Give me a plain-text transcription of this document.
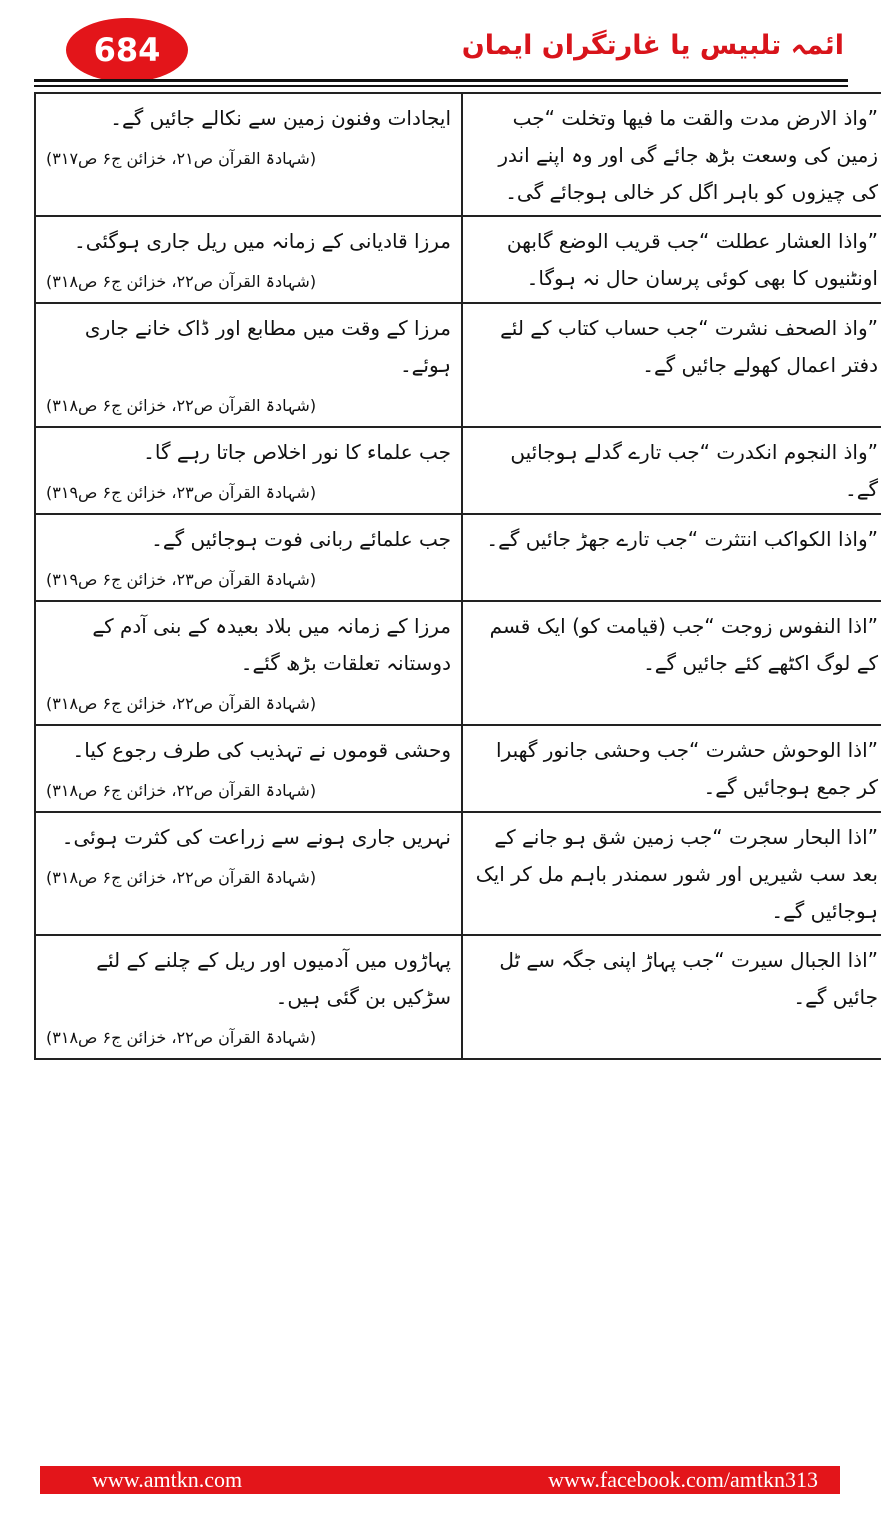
684	ائمہ تلبیس یا غارتگران ایمان
”واذ الارض مدت والقت ما فیھا وتخلت “جب زمین کی وسعت بڑھ جائے گی اور وہ اپنے اندر کی چیزوں کو باہر اگل کر خالی ہوجائے گی۔	ایجادات وفنون زمین سے نکالے جائیں گے۔
(شہادۃ القرآن ص۲۱، خزائن ج۶ ص۳۱۷)

”واذا العشار عطلت “جب قریب الوضع گابھن اونٹنیوں کا بھی کوئی پرسان حال نہ ہوگا۔	مرزا قادیانی کے زمانہ میں ریل جاری ہوگئی۔
(شہادۃ القرآن ص۲۲، خزائن ج۶ ص۳۱۸)

”واذ الصحف نشرت “جب حساب کتاب کے لئے دفتر اعمال کھولے جائیں گے۔	مرزا کے وقت میں مطابع اور ڈاک خانے جاری ہوئے۔
(شہادۃ القرآن ص۲۲، خزائن ج۶ ص۳۱۸)

”واذ النجوم انکدرت “جب تارے گدلے ہوجائیں گے۔	جب علماء کا نور اخلاص جاتا رہے گا۔
(شہادۃ القرآن ص۲۳، خزائن ج۶ ص۳۱۹)

”واذا الکواکب انتثرت “جب تارے جھڑ جائیں گے۔	جب علمائے ربانی فوت ہوجائیں گے۔
(شہادۃ القرآن ص۲۳، خزائن ج۶ ص۳۱۹)

”اذا النفوس زوجت “جب (قیامت کو) ایک قسم کے لوگ اکٹھے کئے جائیں گے۔	مرزا کے زمانہ میں بلاد بعیدہ کے بنی آدم کے دوستانہ تعلقات بڑھ گئے۔
(شہادۃ القرآن ص۲۲، خزائن ج۶ ص۳۱۸)

”اذا الوحوش حشرت “جب وحشی جانور گھبرا کر جمع ہوجائیں گے۔	وحشی قوموں نے تہذیب کی طرف رجوع کیا۔
(شہادۃ القرآن ص۲۲، خزائن ج۶ ص۳۱۸)

”اذا البحار سجرت “جب زمین شق ہو جانے کے بعد سب شیریں اور شور سمندر باہم مل کر ایک ہوجائیں گے۔	نہریں جاری ہونے سے زراعت کی کثرت ہوئی۔
(شہادۃ القرآن ص۲۲، خزائن ج۶ ص۳۱۸)

”اذا الجبال سیرت “جب پہاڑ اپنی جگہ سے ٹل جائیں گے۔	پہاڑوں میں آدمیوں اور ریل کے چلنے کے لئے سڑکیں بن گئی ہیں۔
(شہادۃ القرآن ص۲۲، خزائن ج۶ ص۳۱۸)
www.amtkn.com	www.facebook.com/amtkn313
